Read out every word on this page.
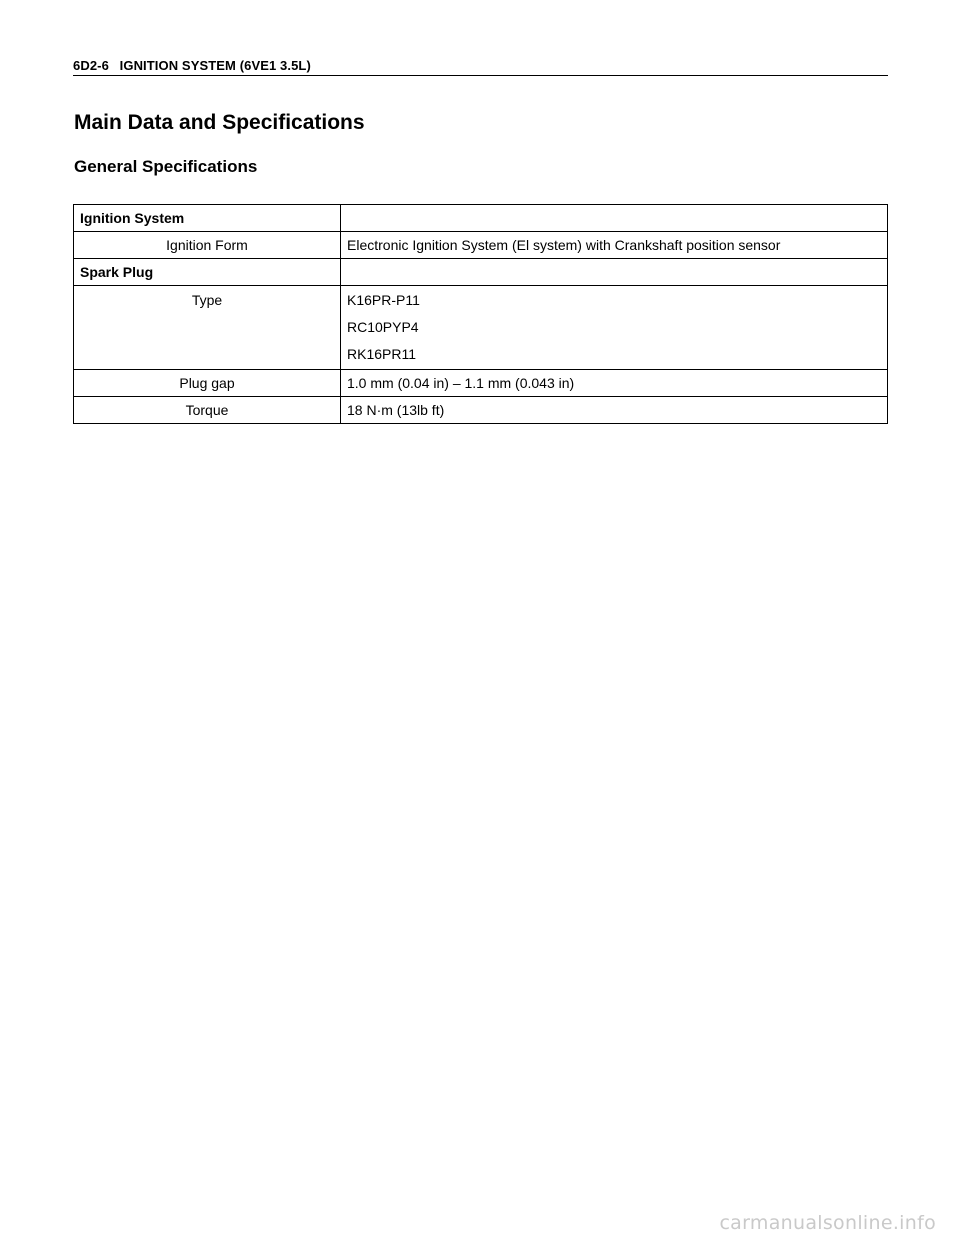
6D2-6 IGNITION SYSTEM (6VE1 3.5L)
Main Data and Specifications
General Specifications
Ignition System	
Ignition Form	Electronic Ignition System (El system) with Crankshaft position sensor
Spark Plug	
Type	K16PR-P11
RC10PYP4
RK16PR11

Plug gap	1.0 mm (0.04 in) – 1.1 mm (0.043 in)
Torque	18 N·m (13lb ft)
carmanualsonline.info
